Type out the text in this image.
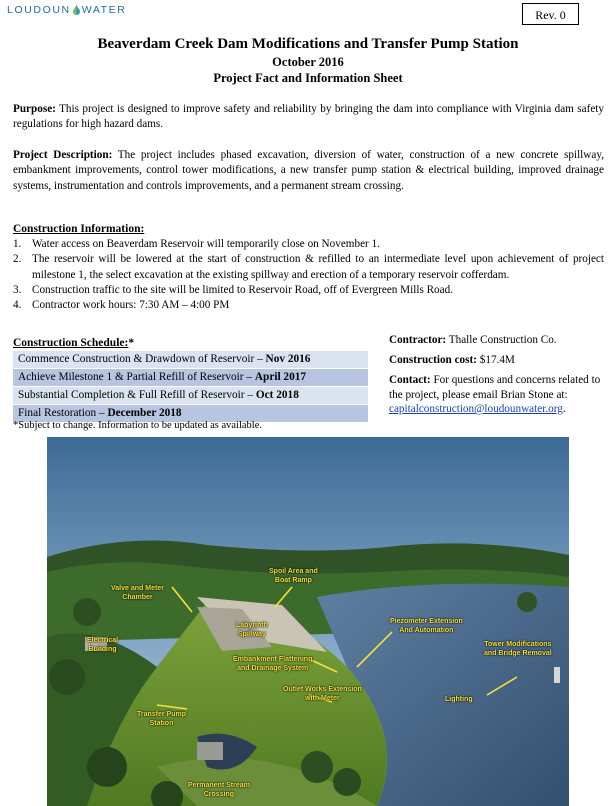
LOUDOUN WATER	Rev. 0
Beaverdam Creek Dam Modifications and Transfer Pump Station
October 2016
Project Fact and Information Sheet
Purpose: This project is designed to improve safety and reliability by bringing the dam into compliance with Virginia dam safety regulations for high hazard dams.
Project Description: The project includes phased excavation, diversion of water, construction of a new concrete spillway, embankment improvements, control tower modifications, a new transfer pump station & electrical building, improved drainage systems, instrumentation and controls improvements, and a permanent stream crossing.
Construction Information:
1. Water access on Beaverdam Reservoir will temporarily close on November 1.
2. The reservoir will be lowered at the start of construction & refilled to an intermediate level upon achievement of project milestone 1, the select excavation at the existing spillway and erection of a temporary reservoir cofferdam.
3. Construction traffic to the site will be limited to Reservoir Road, off of Evergreen Mills Road.
4. Contractor work hours: 7:30 AM – 4:00 PM
Construction Schedule:*
Commence Construction & Drawdown of Reservoir – Nov 2016
Achieve Milestone 1 & Partial Refill of Reservoir – April 2017
Substantial Completion & Full Refill of Reservoir – Oct 2018
Final Restoration – December 2018
*Subject to change. Information to be updated as available.
Contractor: Thalle Construction Co.
Construction cost: $17.4M
Contact: For questions and concerns related to the project, please email Brian Stone at:
capitalconstruction@loudounwater.org.
Spoil Area and
Boat Ramp
Valve and Meter
Chamber
Electrical
Building
Labyrinth
Spillway
Piezometer Extension
And Automation
Tower Modifications
and Bridge Removal
Embankment Flattening
and Drainage System
Outlet Works Extension
with Meter	Lighting
Transfer Pump
Station
Permanent Stream
Crossing
